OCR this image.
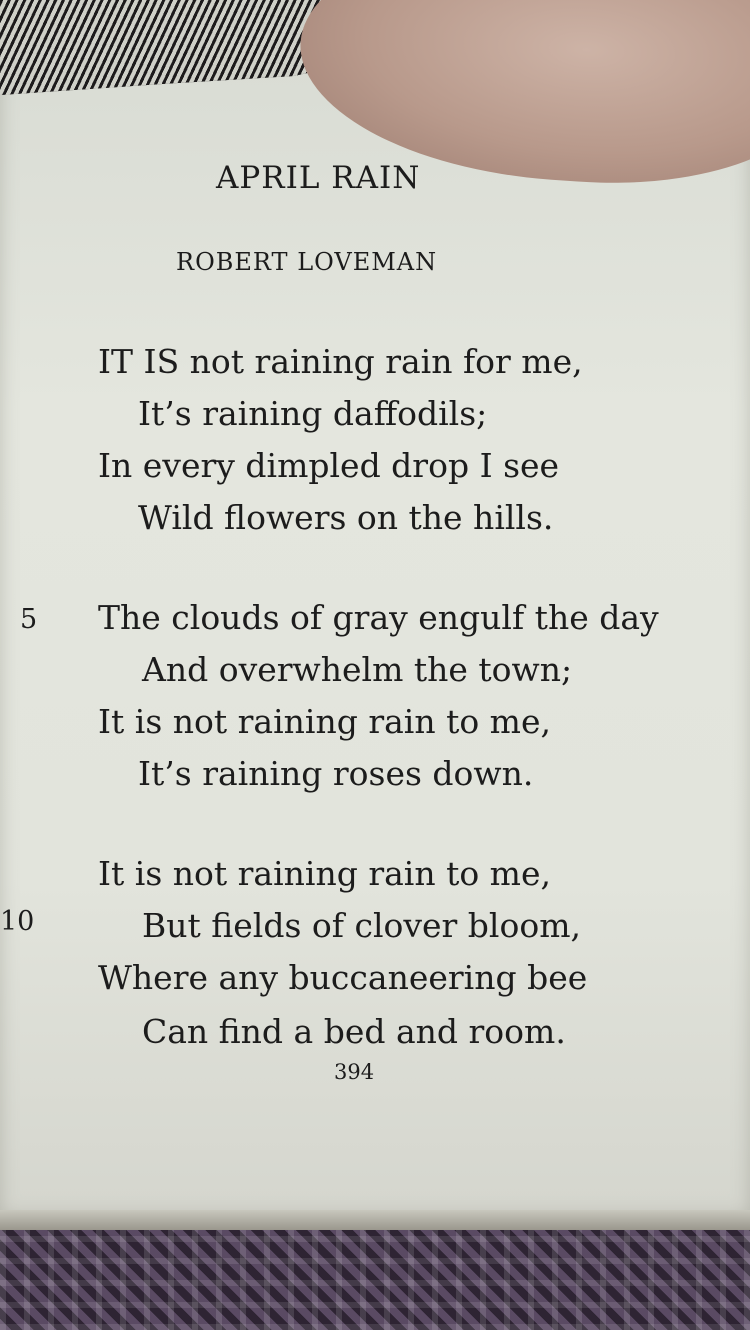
APRIL RAIN
ROBERT LOVEMAN
IT IS not raining rain for me,
It’s raining daffodils;
In every dimpled drop I see
Wild flowers on the hills.
5 The clouds of gray engulf the day
And overwhelm the town;
It is not raining rain to me,
It’s raining roses down.
It is not raining rain to me,
10	But fields of clover bloom,
Where any buccaneering bee
Can find a bed and room.
394
